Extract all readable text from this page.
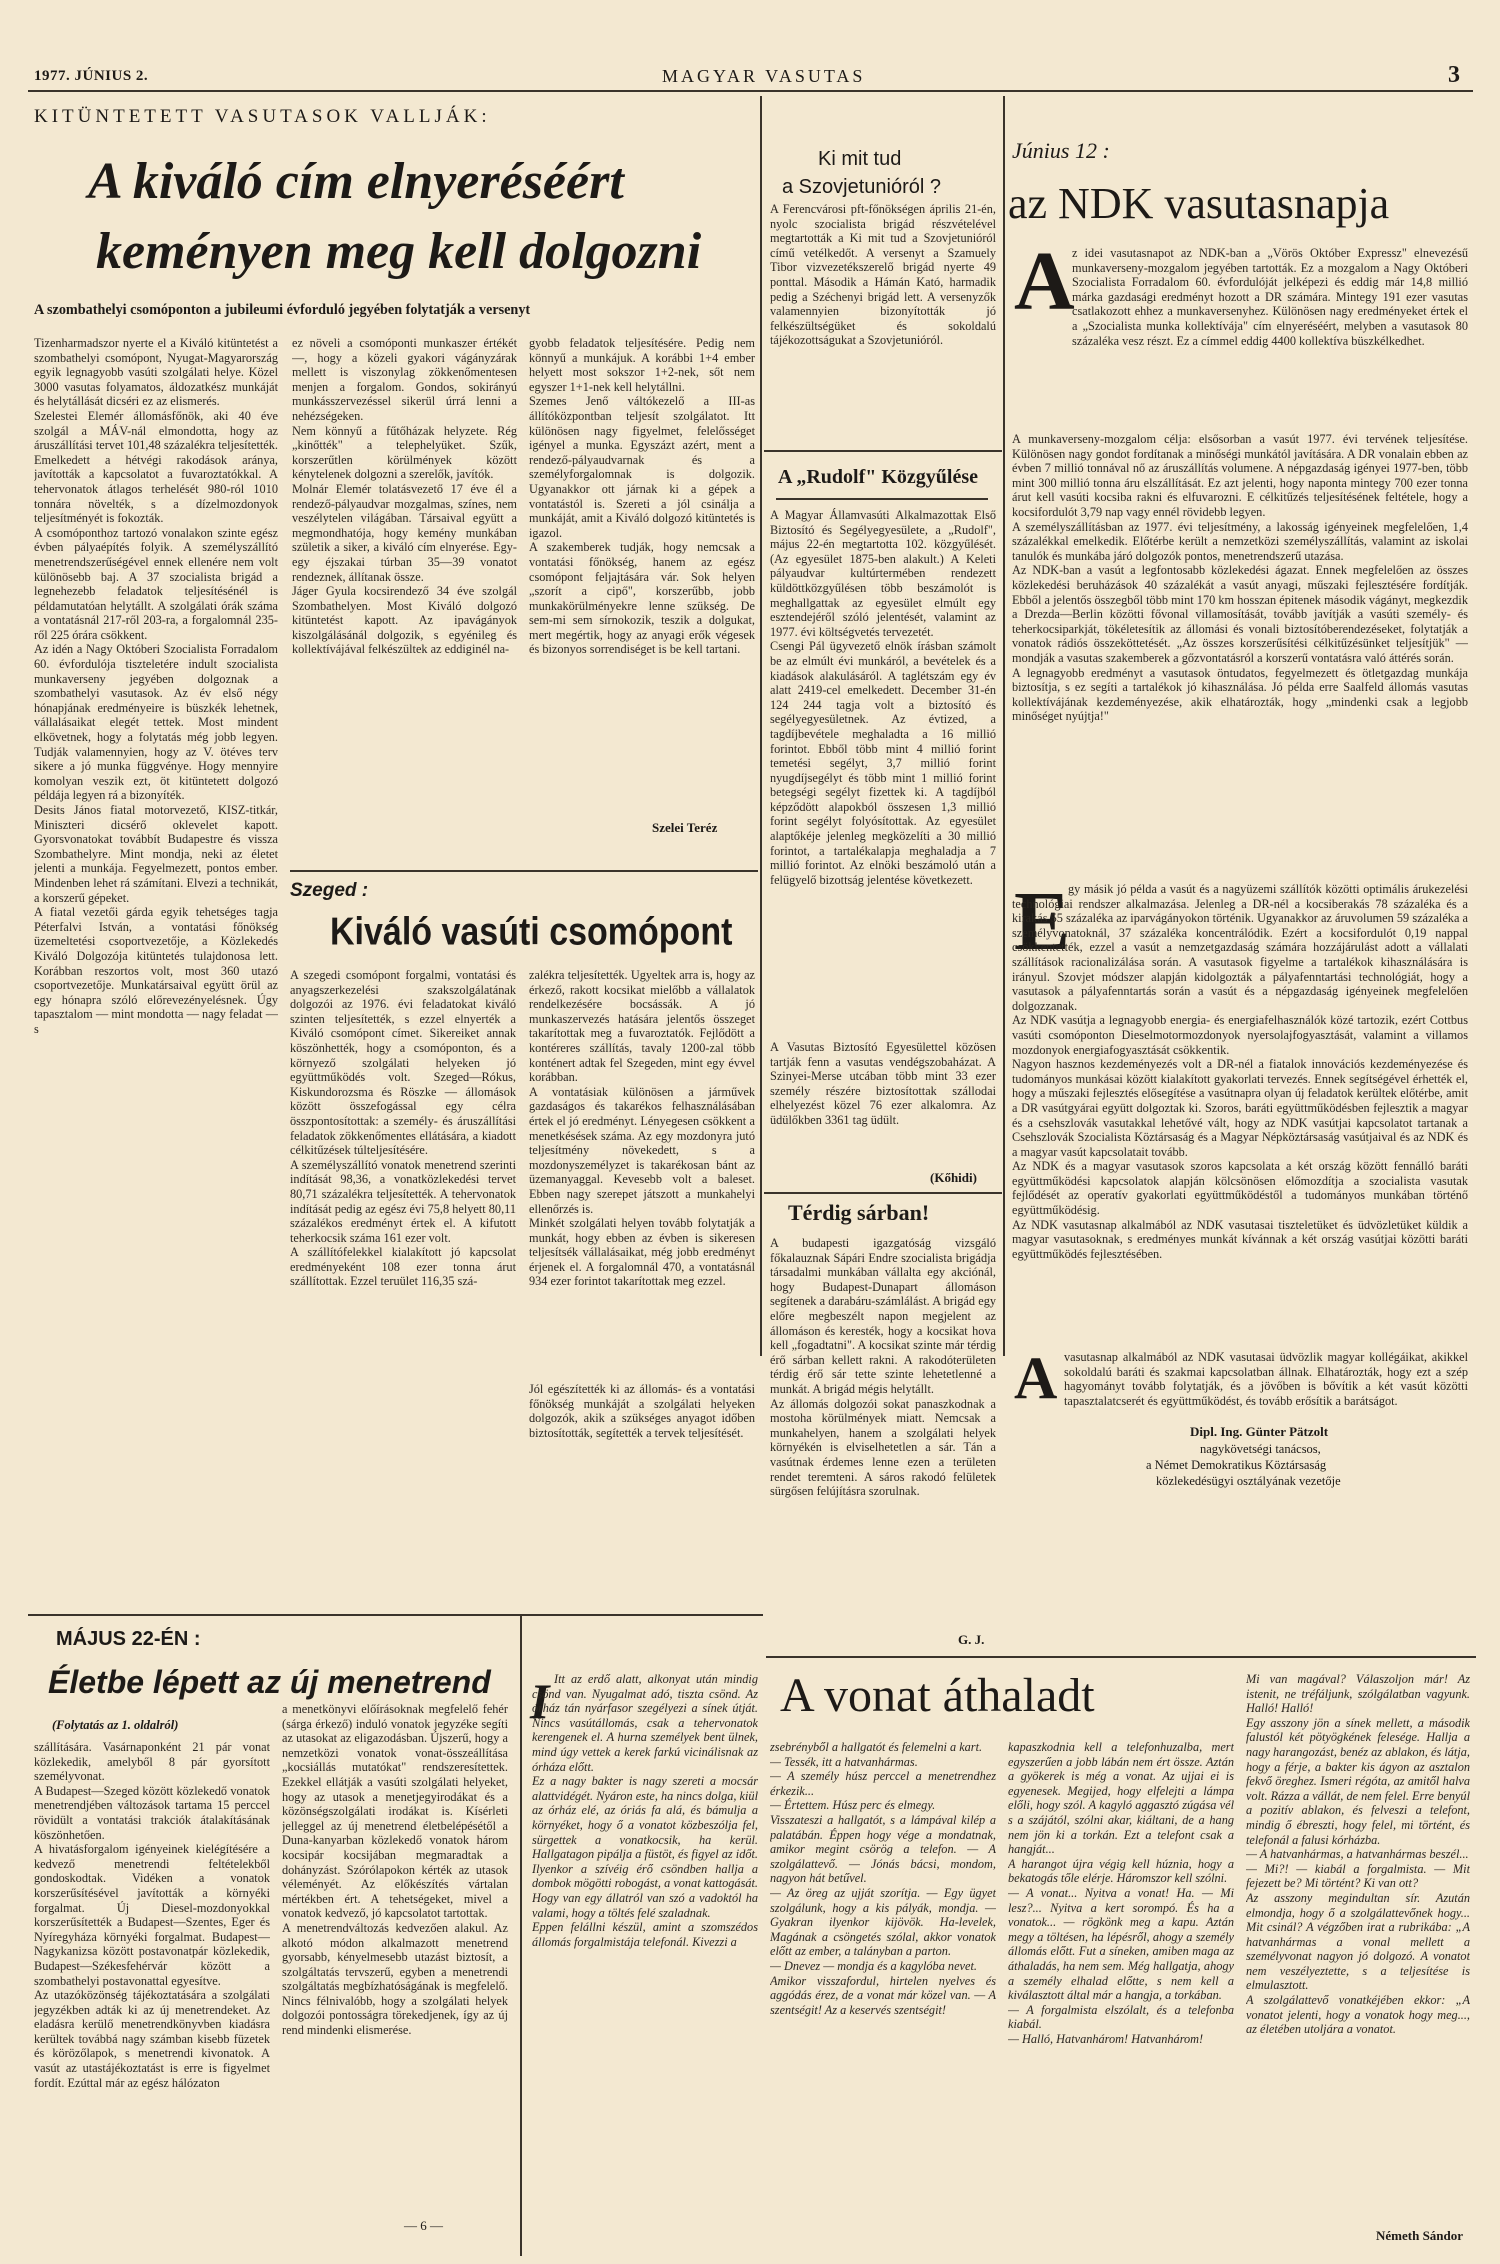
1977. JÚNIUS 2.	MAGYAR VASUTAS	3
KITÜNTETETT VASUTASOK VALLJÁK:
A kiváló cím elnyeréséért
keményen meg kell dolgozni
A szombathelyi csomóponton a jubileumi évforduló jegyében folytatják a versenyt
Tizenharmadszor nyerte el a Kiváló kitüntetést a szombathelyi csomópont, Nyugat-Magyarország egyik legnagyobb vasúti szolgálati helye. Közel 3000 vasutas folyamatos, áldozatkész munkáját és helytállását dicséri ez az elismerés.
Szelestei Elemér állomásfőnök, aki 40 éve szolgál a MÁV-nál elmondotta, hogy az áruszállítási tervet 101,48 százalékra teljesítették. Emelkedett a hétvégi rakodások aránya, javították a kapcsolatot a fuvaroztatókkal. A tehervonatok átlagos terhelését 980-ról 1010 tonnára növelték, s a dízelmozdonyok teljesítményét is fokozták.
A csomóponthoz tartozó vonalakon szinte egész évben pályaépítés folyik. A személyszállító menetrendszerűségével ennek ellenére nem volt különösebb baj. A 37 szocialista brigád a legnehezebb feladatok teljesítésénél is példamutatóan helytállt. A szolgálati órák száma a vontatásnál 217-ről 203-ra, a forgalomnál 235-ről 225 órára csökkent.
Az idén a Nagy Októberi Szocialista Forradalom 60. évfordulója tiszteletére indult szocialista munkaverseny jegyében dolgoznak a szombathelyi vasutasok. Az év első négy hónapjának eredményeire is büszkék lehetnek, vállalásaikat elegét tettek. Most mindent elkövetnek, hogy a folytatás még jobb legyen. Tudják valamennyien, hogy az V. ötéves terv sikere a jó munka függvénye. Hogy mennyire komolyan veszik ezt, öt kitüntetett dolgozó példája legyen rá a bizonyíték.
Desits János fiatal motorvezető, KISZ-titkár, Miniszteri dicsérő oklevelet kapott. Gyorsvonatokat továbbít Budapestre és vissza Szombathelyre. Mint mondja, neki az életet jelenti a munkája. Fegyelmezett, pontos ember. Mindenben lehet rá számítani. Elvezi a technikát, a korszerű gépeket.
A fiatal vezetői gárda egyik tehetséges tagja Péterfalvi István, a vontatási főnökség üzemeltetési csoportvezetője, a Közlekedés Kiváló Dolgozója kitüntetés tulajdonosa lett. Korábban reszortos volt, most 360 utazó csoportvezetője. Munkatársaival együtt örül az egy hónapra szóló előrevezényelésnek. Úgy tapasztalom — mint mondotta — nagy feladat — s
ez növeli a csomóponti munkaszer értékét —, hogy a közeli gyakori vágányzárak mellett is viszonylag zökkenőmentesen menjen a forgalom. Gondos, sokirányú munkásszervezéssel sikerül úrrá lenni a nehézségeken.
Nem könnyű a fűtőházak helyzete. Rég „kinőtték" a telephelyüket. Szűk, korszerűtlen körülmények között kénytelenek dolgozni a szerelők, javítók.
Molnár Elemér tolatásvezető 17 éve él a rendező-pályaudvar mozgalmas, színes, nem veszélytelen világában. Társaival együtt a megmondhatója, hogy kemény munkában születik a siker, a kiváló cím elnyerése. Egy-egy éjszakai túrban 35—39 vonatot rendeznek, állítanak össze.
Jáger Gyula kocsirendező 34 éve szolgál Szombathelyen. Most Kiváló dolgozó kitüntetést kapott. Az ipavágányok kiszolgálásánál dolgozik, s egyénileg és kollektívájával felkészültek az eddiginél na-
gyobb feladatok teljesítésére. Pedig nem könnyű a munkájuk. A korábbi 1+4 ember helyett most sokszor 1+2-nek, sőt nem egyszer 1+1-nek kell helytállni.
Szemes Jenő váltókezelő a III-as állítóközpontban teljesít szolgálatot. Itt különösen nagy figyelmet, felelősséget igényel a munka. Egyszázt azért, ment a rendező-pályaudvarnak és a személyforgalomnak is dolgozik. Ugyanakkor ott járnak ki a gépek a vontatástól is. Szereti a jól csinálja a munkáját, amit a Kiváló dolgozó kitüntetés is igazol.
A szakemberek tudják, hogy nemcsak a vontatási főnökség, hanem az egész csomópont feljajtására vár. Sok helyen „szorít a cipő", korszerűbb, jobb munkakörülményekre lenne szükség. De sem-mi sem sírnokozik, teszik a dolgukat, mert megértik, hogy az anyagi erők végesek és bizonyos sorrendiséget is be kell tartani.
Szelei Teréz
Ki mit tud
a Szovjetunióról ?
A Ferencvárosi pft-főnökségen április 21-én, nyolc szocialista brigád részvételével megtartották a Ki mit tud a Szovjetunióról című vetélkedőt. A versenyt a Szamuely Tibor vizvezetékszerelő brigád nyerte 49 ponttal. Második a Hámán Kató, harmadik pedig a Széchenyi brigád lett. A versenyzők valamennyien bizonyították jó felkészültségüket és sokoldalú tájékozottságukat a Szovjetunióról.
A „Rudolf" Közgyűlése
A Magyar Államvasúti Alkalmazottak Első Biztosító és Segélyegyesülete, a „Rudolf", május 22-én megtartotta 102. közgyűlését. (Az egyesület 1875-ben alakult.) A Keleti pályaudvar kultúrtermében rendezett küldöttközgyűlésen több beszámolót is meghallgattak az egyesület elmúlt egy esztendejéről szóló jelentését, valamint az 1977. évi költségvetés tervezetét.
Csengi Pál ügyvezető elnök írásban számolt be az elmúlt évi munkáról, a bevételek és a kiadások alakulásáról. A taglétszám egy év alatt 2419-cel emelkedett. December 31-én 124 244 tagja volt a biztosító és segélyegyesületnek. Az évtized, a tagdíjbevétele meghaladta a 16 millió forintot. Ebből több mint 4 millió forint temetési segélyt, 3,7 millió forint nyugdíjsegélyt és több mint 1 millió forint betegségi segélyt fizettek ki. A tagdíjból képződött alapokból összesen 1,3 millió forint segélyt folyósítottak. Az egyesület alaptőkéje jelenleg megközelíti a 30 millió forintot, a tartalékalapja meghaladja a 7 millió forintot. Az elnöki beszámoló után a felügyelő bizottság jelentése következett.
A Vasutas Biztosító Egyesülettel közösen tartják fenn a vasutas vendégszobaházat. A Szinyei-Merse utcában több mint 33 ezer személy részére biztosítottak szállodai elhelyezést közel 76 ezer alkalomra. Az üdülőkben 3361 tag üdült.
(Kőhidi)
Térdig sárban!
A budapesti igazgatóság vizsgáló főkalauznak Sápári Endre szocialista brigádja társadalmi munkában vállalta egy akciónál, hogy Budapest-Dunapart állomáson segítenek a darabáru-számlálást. A brigád egy előre megbeszélt napon megjelent az állomáson és keresték, hogy a kocsikat hova kell „fogadtatni". A kocsikat szinte már térdig érő sárban kellett rakni. A rakodóterületen térdig érő sár tette szinte lehetetlenné a munkát. A brigád mégis helytállt.
Az állomás dolgozói sokat panaszkodnak a mostoha körülmények miatt. Nemcsak a munkahelyen, hanem a szolgálati helyek környékén is elviselhetetlen a sár. Tán a vasútnak érdemes lenne ezen a területen rendet teremteni. A sáros rakodó felületek sürgősen felújításra szorulnak.
G. J.
Szeged :
Kiváló vasúti csomópont
A szegedi csomópont forgalmi, vontatási és anyagszerkezelési szakszolgálatának dolgozói az 1976. évi feladatokat kiváló szinten teljesítették, s ezzel elnyerték a Kiváló csomópont címet. Sikereiket annak köszönhették, hogy a csomóponton, és a környező szolgálati helyeken jó együttműködés volt. Szeged—Rókus, Kiskundorozsma és Röszke — állomások között összefogással egy célra összpontosítottak: a személy- és áruszállítási feladatok zökkenőmentes ellátására, a kiadott célkitűzések túlteljesítésére.
A személyszállító vonatok menetrend szerinti indítását 98,36, a vonatközlekedési tervet 80,71 százalékra teljesítették. A tehervonatok indítását pedig az egész évi 75,8 helyett 80,11 százalékos eredményt értek el. A kifutott teherkocsik száma 161 ezer volt.
A szállítófelekkel kialakított jó kapcsolat eredményeként 108 ezer tonna árut szállítottak. Ezzel teruület 116,35 szá-
zalékra teljesítették. Ugyeltek arra is, hogy az érkező, rakott kocsikat mielőbb a vállalatok rendelkezésére bocsássák. A jó munkaszervezés hatására jelentős összeget takarítottak meg a fuvaroztatók. Fejlődött a kontéreres szállítás, tavaly 1200-zal több konténert adtak fel Szegeden, mint egy évvel korábban.
A vontatásiak különösen a járművek gazdaságos és takarékos felhasználásában értek el jó eredményt. Lényegesen csökkent a menetkésések száma. Az egy mozdonyra jutó teljesítmény növekedett, s a mozdonyszemélyzet is takarékosan bánt az üzemanyaggal. Kevesebb volt a baleset. Ebben nagy szerepet játszott a munkahelyi ellenőrzés is.
Minkét szolgálati helyen tovább folytatják a munkát, hogy ebben az évben is sikeresen teljesítsék vállalásaikat, még jobb eredményt érjenek el. A forgalomnál 470, a vontatásnál 934 ezer forintot takarítottak meg ezzel.
Jól egészítették ki az állomás- és a vontatási főnökség munkáját a szolgálati helyeken dolgozók, akik a szükséges anyagot időben biztosították, segítették a tervek teljesítését.
Június 12 :
az NDK vasutasnapja
A
z idei vasutasnapot az NDK-ban a „Vörös Október Expressz" elnevezésű munkaverseny-mozgalom jegyében tartották. Ez a mozgalom a Nagy Októberi Szocialista Forradalom 60. évfordulóját jelképezi és eddig már 14,8 millió márka gazdasági eredményt hozott a DR számára. Mintegy 191 ezer vasutas csatlakozott ehhez a munkaversenyhez. Különösen nagy eredményeket értek el a „Szocialista munka kollektívája" cím elnyeréséért, melyben a vasutasok 80 százaléka vesz részt. Ez a címmel eddig 4400 kollektíva büszkélkedhet.
A munkaverseny-mozgalom célja: elsősorban a vasút 1977. évi tervének teljesítése. Különösen nagy gondot fordítanak a minőségi munkától javítására. A DR vonalain ebben az évben 7 millió tonnával nő az áruszállítás volumene. A népgazdaság igényei 1977-ben, több mint 300 millió tonna áru elszállítását. Ez azt jelenti, hogy naponta mintegy 700 ezer tonna árut kell vasúti kocsiba rakni és elfuvarozni. E célkitűzés teljesítésének feltétele, hogy a kocsifordulót 3,79 nap vagy ennél rövidebb legyen.
A személyszállításban az 1977. évi teljesítmény, a lakosság igényeinek megfelelően, 1,4 százalékkal emelkedik. Előtérbe került a nemzetközi személyszállítás, valamint az iskolai tanulók és munkába járó dolgozók pontos, menetrendszerű utazása.
Az NDK-ban a vasút a legfontosabb közlekedési ágazat. Ennek megfelelően az összes közlekedési beruházások 40 százalékát a vasút anyagi, műszaki fejlesztésére fordítják. Ebből a jelentős összegből több mint 170 km hosszan épitenek második vágányt, megkezdik a Drezda—Berlin közötti fővonal villamosítását, tovább javítják a vasúti személy- és teherkocsiparkját, tökéletesítik az állomási és vonali biztosítóberendezéseket, folytatják a vonatok rádiós összeköttetését. „Az összes korszerűsítési célkitűzésünket teljesítjük" — mondják a vasutas szakemberek a gőzvontatásról a korszerű vontatásra való áttérés során.
A legnagyobb eredményt a vasutasok öntudatos, fegyelmezett és ötletgazdag munkája biztosítja, s ez segíti a tartalékok jó kihasználása. Jó példa erre Saalfeld állomás vasutas kollektívájának kezdeményezése, akik elhatározták, hogy „mindenki csak a legjobb minőséget nyújtja!"
E
gy másik jó példa a vasút és a nagyüzemi szállítók közötti optimális árukezelési technológiai rendszer alkalmazása. Jelenleg a DR-nél a kocsiberakás 78 százaléka és a kirakás 55 százaléka az iparvágányokon történik. Ugyanakkor az áruvolumen 59 százaléka a személyvonatoknál, 37 százaléka koncentrálódik. Ezért a kocsifordulót 0,19 nappal csökkentették, ezzel a vasút a nemzetgazdaság számára hozzájárulást adott a vállalati szállítások racionalizálása során. A vasutasok figyelme a tartalékok kihasználására is irányul. Szovjet módszer alapján kidolgozták a pályafenntartási technológiát, hogy a vasutasok a pályafenntartás során a vasút és a népgazdaság igényeinek megfelelően dolgozzanak.
Az NDK vasútja a legnagyobb energia- és energiafelhasználók közé tartozik, ezért Cottbus vasúti csomóponton Dieselmotormozdonyok nyersolajfogyasztását, valamint a villamos mozdonyok energiafogyasztását csökkentik.
Nagyon hasznos kezdeményezés volt a DR-nél a fiatalok innovációs kezdeményezése és tudományos munkásai között kialakított gyakorlati tervezés. Ennek segítségével érhették el, hogy a műszaki fejlesztés elősegítése a vasútnapra olyan új feladatok kerültek előtérbe, amit a DR vasútgyárai együtt dolgoztak ki. Szoros, baráti együttműködésben fejlesztik a magyar és a csehszlovák vasutakkal lehetővé vált, hogy az NDK vasútjai kapcsolatot tartanak a Csehszlovák Szocialista Köztársaság és a Magyar Népköztársaság vasútjaival és az NDK és a magyar vasút kapcsolatait tovább.
Az NDK és a magyar vasutasok szoros kapcsolata a két ország között fennálló baráti együttműködési kapcsolatok alapján kölcsönösen előmozdítja a szocialista vasutak fejlődését az operatív gyakorlati együttműködéstől a tudományos munkában történő együttműködésig.
Az NDK vasutasnap alkalmából az NDK vasutasai tiszteletüket és üdvözletüket küldik a magyar vasutasoknak, s eredményes munkát kívánnak a két ország vasútjai közötti baráti együttműködés fejlesztésében.
A vasutasnap alkalmából az NDK vasutasai üdvözlik magyar kollégáikat, akikkel sokoldalú baráti és szakmai kapcsolatban állnak. Elhatározták, hogy ezt a szép hagyományt tovább folytatják, és a jövőben is bővítik a két vasút közötti tapasztalatcserét és együttműködést, és tovább erősítik a barátságot.
Dipl. Ing. Günter Pätzolt
nagykövetségi tanácsos,
a Német Demokratikus Köztársaság
közlekedésügyi osztályának vezetője
MÁJUS 22-ÉN :
Életbe lépett az új menetrend
(Folytatás az 1. oldalról)
szállítására. Vasárnaponként 21 pár vonat közlekedik, amelyből 8 pár gyorsított személyvonat.
A Budapest—Szeged között közlekedő vonatok menetrendjében változások tartama 15 perccel rövidült a vontatási trakciók átalakításának köszönhetően.
A hivatásforgalom igényeinek kielégítésére a kedvező menetrendi feltételekből gondoskodtak. Vidéken a vonatok korszerűsítésével javították a környéki forgalmat. Új Diesel-mozdonyokkal korszerűsítették a Budapest—Szentes, Eger és Nyíregyháza környéki forgalmat. Budapest—Nagykanizsa között postavonatpár közlekedik, Budapest—Székesfehérvár között a szombathelyi postavonattal egyesítve.
Az utazóközönség tájékoztatására a szolgálati jegyzékben adták ki az új menetrendeket. Az eladásra kerülő menetrendkönyvben kiadásra kerültek továbbá nagy számban kisebb füzetek és körözőlapok, s menetrendi kivonatok. A vasút az utastájékoztatást is erre is figyelmet fordít. Ezúttal már az egész hálózaton
a menetkönyvi előírásoknak megfelelő fehér (sárga érkező) induló vonatok jegyzéke segíti az utasokat az eligazodásban. Újszerű, hogy a nemzetközi vonatok vonat-összeállítása „kocsiállás mutatókat" rendszeresítettek. Ezekkel ellátják a vasúti szolgálati helyeket, hogy az utasok a menetjegyirodákat és a közönségszolgálati irodákat is. Kísérleti jelleggel az új menetrend életbelépésétől a Duna-kanyarban közlekedő vonatok három kocsipár kocsijában megmaradtak a dohányzást. Szórólapokon kérték az utasok véleményét. Az előkészítés vártalan mértékben ért. A tehetségeket, mivel a vonatok kedvező, jó kapcsolatot tartottak.
A menetrendváltozás kedvezően alakul. Az alkotó módon alkalmazott menetrend gyorsabb, kényelmesebb utazást biztosít, a szolgáltatás tervszerű, egyben a menetrendi szolgáltatás megbízhatóságának is megfelelő. Nincs félnivalóbb, hogy a szolgálati helyek dolgozói pontosságra törekedjenek, így az új rend mindenki elismerése.
— 6 —
A vonat áthaladt
I Itt az erdő alatt, alkonyat után mindig csönd van. Nyugalmat adó, tiszta csönd. Az órház tán nyárfasor szegélyezi a sínek útját. Nincs vasútállomás, csak a tehervonatok kerengenek el. A hurna személyek bent ülnek, mind úgy vettek a kerek farkú vicinálisnak az órháza előtt.
Ez a nagy bakter is nagy szereti a mocsár alattvidégét. Nyáron este, ha nincs dolga, kiül az órház elé, az óriás fa alá, és bámulja a környéket, hogy ő a vonatot közbeszólja fel, sürgettek a vonatkocsik, ha kerül. Hallgatagon pipálja a füstöt, és figyel az időt. Ilyenkor a szívéig érő csöndben hallja a dombok mögötti robogást, a vonat kattogását. Hogy van egy állatról van szó a vadoktól ha valami, hogy a töltés felé szaladnak.
Eppen felállni készül, amint a szomszédos állomás forgalmistája telefonál. Kivezzi a
zsebrényből a hallgatót és felemelni a kart.
— Tessék, itt a hatvanhármas.
— A személy húsz perccel a menetrendhez érkezik...
— Értettem. Húsz perc és elmegy.
Visszateszi a hallgatót, s a lámpával kilép a palatábán. Éppen hogy vége a mondatnak, amikor megint csörög a telefon. — A szolgálattevő. — Jónás bácsi, mondom, nagyon hát betűvel.
— Az öreg az ujját szorítja. — Egy ügyet szolgálunk, hogy a kis pályák, mondja. — Gyakran ilyenkor kijövök. Ha-levelek, Magának a csöngetés szólal, akkor vonatok előtt az ember, a talányban a parton.
— Dnevez — mondja és a kagylóba nevet.
Amikor visszafordul, hirtelen nyelves és aggódás érez, de a vonat már közel van. — A szentségit! Az a keservés szentségit!
kapaszkodnia kell a telefonhuzalba, mert egyszerűen a jobb lábán nem ért össze. Aztán a gyökerek is még a vonat. Az ujjai ei is egyenesek. Megijed, hogy elfelejti a lámpa előli, hogy szól. A kagyló aggasztó zúgása vél s a szájától, szólni akar, kiáltani, de a hang nem jön ki a torkán. Ezt a telefont csak a hangját...
A harangot újra végig kell húznia, hogy a bekatogás tőle elérje. Háromszor kell szólni.
— A vonat... Nyitva a vonat! Ha. — Mi lesz?... Nyitva a kert sorompó. És ha a vonatok... — rögkönk meg a kapu. Aztán megy a töltésen, ha lépésről, ahogy a személy állomás előtt. Fut a síneken, amiben maga az áthaladás, ha nem sem. Még hallgatja, ahogy a személy elhalad előtte, s nem kell a kiválasztott által már a hangja, a torkában.
— A forgalmista elszólalt, és a telefonba kiabál.
— Halló, Hatvanhárom! Hatvanhárom!
Mi van magával? Válaszoljon már! Az istenit, ne tréfáljunk, szólgálatban vagyunk. Halló! Halló!
Egy asszony jön a sínek mellett, a második falustól két pötyögkének felesége. Hallja a nagy harangozást, benéz az ablakon, és látja, hogy a férje, a bakter kis ágyon az asztalon fekvő öreghez. Ismeri régóta, az amitől halva volt. Rázza a vállát, de nem felel. Erre benyúl a pozitív ablakon, és felveszi a telefont, mindig ő ébreszti, hogy felel, mi történt, és telefonál a falusi kórházba.
— A hatvanhármas, a hatvanhármas beszél...
— Mi?! — kiabál a forgalmista. — Mit fejezett be? Mi történt? Ki van ott?
Az asszony megindultan sír. Azután elmondja, hogy ő a szolgálattevőnek hogy... Mit csinál? A végzőben irat a rubrikába: „A hatvanhármas a vonal mellett a személyvonat nagyon jó dolgozó. A vonatot nem veszélyeztette, s a teljesítése is elmulasztott.
A szolgálattevő vonatkéjében ekkor: „A vonatot jelenti, hogy a vonatok hogy meg..., az életében utoljára a vonatot.
Németh Sándor
